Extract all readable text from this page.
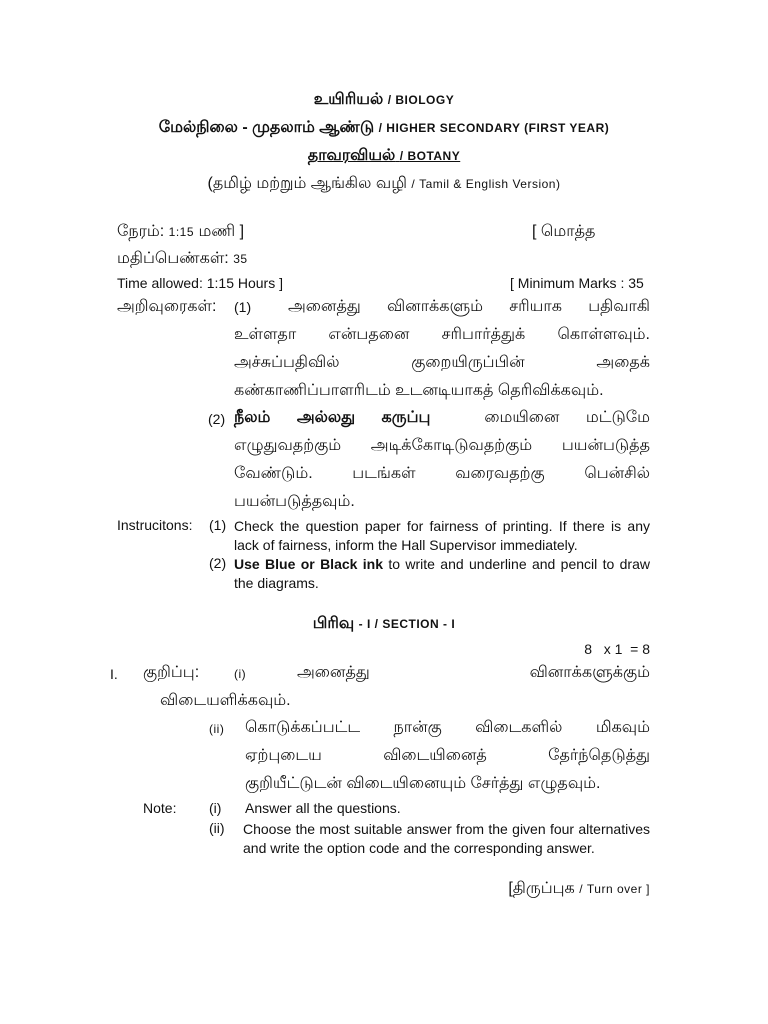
உயிரியல் / BIOLOGY
மேல்நிலை - முதலாம் ஆண்டு / HIGHER SECONDARY (FIRST YEAR)
தாவரவியல் / BOTANY
(தமிழ் மற்றும் ஆங்கில வழி / Tamil & English Version)
நேரம்: 1:15 மணி ]	[ மொத்த
மதிப்பெண்கள்: 35
Time allowed: 1:15 Hours ]	[ Minimum Marks : 35
அறிவுரைகள்: (1) அனைத்து வினாக்களும் சரியாக பதிவாகி
உள்ளதா என்பதனை சரிபார்த்துக் கொள்ளவும்.
அச்சுப்பதிவில் குறையிருப்பின் அதைக்
கண்காணிப்பாளரிடம் உடனடியாகத் தெரிவிக்கவும்.
(2) நீலம் அல்லது கருப்பு	மையினை மட்டுமே
எழுதுவதற்கும் அடிக்கோடிடுவதற்கும் பயன்படுத்த
வேண்டும். படங்கள் வரைவதற்கு பென்சில்
பயன்படுத்தவும்.
Instrucitons: (1) Check the question paper for fairness of printing. If there is any lack of fairness, inform the Hall Supervisor immediately.
(2) Use Blue or Black ink to write and underline and pencil to draw the diagrams.
பிரிவு - I / SECTION - I
8   x 1  = 8
I. குறிப்பு:	(i)	அனைத்து	வினாக்களுக்கும்
விடையளிக்கவும்.
(ii) கொடுக்கப்பட்ட நான்கு விடைகளில் மிகவும்
ஏற்புடைய விடையினைத் தேர்ந்தெடுத்து
குறியீட்டுடன் விடையினையும் சேர்த்து எழுதவும்.
Note: (i) Answer all the questions.
(ii) Choose the most suitable answer from the given four alternatives and write the option code and the corresponding answer.
[திருப்புக / Turn over ]
